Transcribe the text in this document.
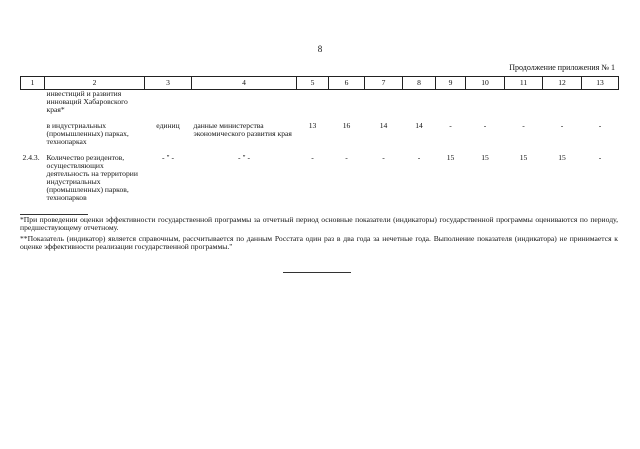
8
Продолжение приложения № 1
1	2	3	4	5	6	7	8	9	10	11	12	13
	инвестиций и развития инноваций Хабаровского края*											

	в индустриальных (промышленных) парках, технопарках	единиц	данные министерства экономического развития края	13	16	14	14	-	-	-	-	-

2.4.3.	Количество резидентов, осуществляющих деятельность на территории индустриальных (промышленных) парков, технопарков	- " -	- " -	-	-	-	-	15	15	15	15	-

*При проведении оценки эффективности государственной программы за отчетный период основные показатели (индикаторы) государственной программы оцениваются по периоду, предшествующему отчетному.

**Показатель (индикатор) является справочным, рассчитывается по данным Росстата один раз в два года за нечетные года. Выполнение показателя (индикатора) не принимается к оценке эффективности реализации государственной программы."
